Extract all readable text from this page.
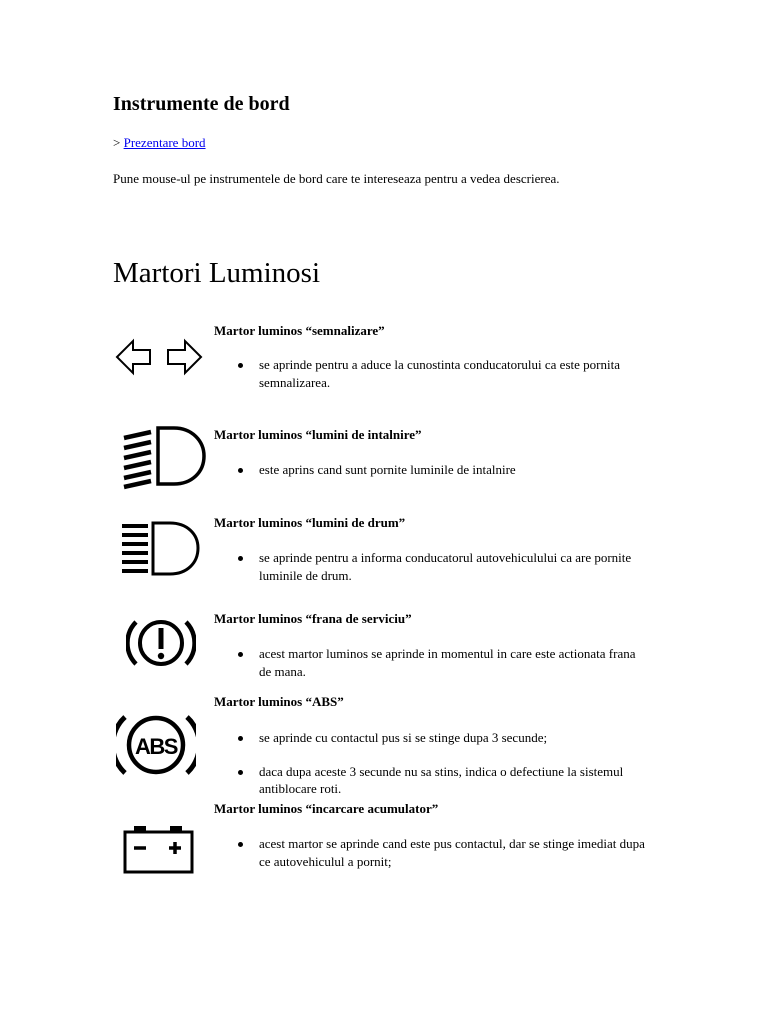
Instrumente de bord
> Prezentare bord
Pune mouse-ul pe instrumentele de bord care te intereseaza pentru a vedea descrierea.
Martori Luminosi
Martor luminos “semnalizare”
se aprinde pentru a aduce la cunostinta conducatorului ca este pornita semnalizarea.
Martor luminos “lumini de intalnire”
este aprins cand sunt pornite luminile de intalnire
Martor luminos “lumini de drum”
se aprinde pentru a informa conducatorul autovehiculului ca are pornite luminile de drum.
Martor luminos “frana de serviciu”
acest martor luminos se aprinde in momentul in care este actionata frana de mana.
ABS
Martor luminos “ABS”
se aprinde cu contactul pus si se stinge dupa 3 secunde;
daca dupa aceste 3 secunde nu sa stins, indica o defectiune la sistemul antiblocare roti.
Martor luminos “incarcare acumulator”
acest martor se aprinde cand este pus contactul, dar se stinge imediat dupa ce autovehiculul a pornit;
